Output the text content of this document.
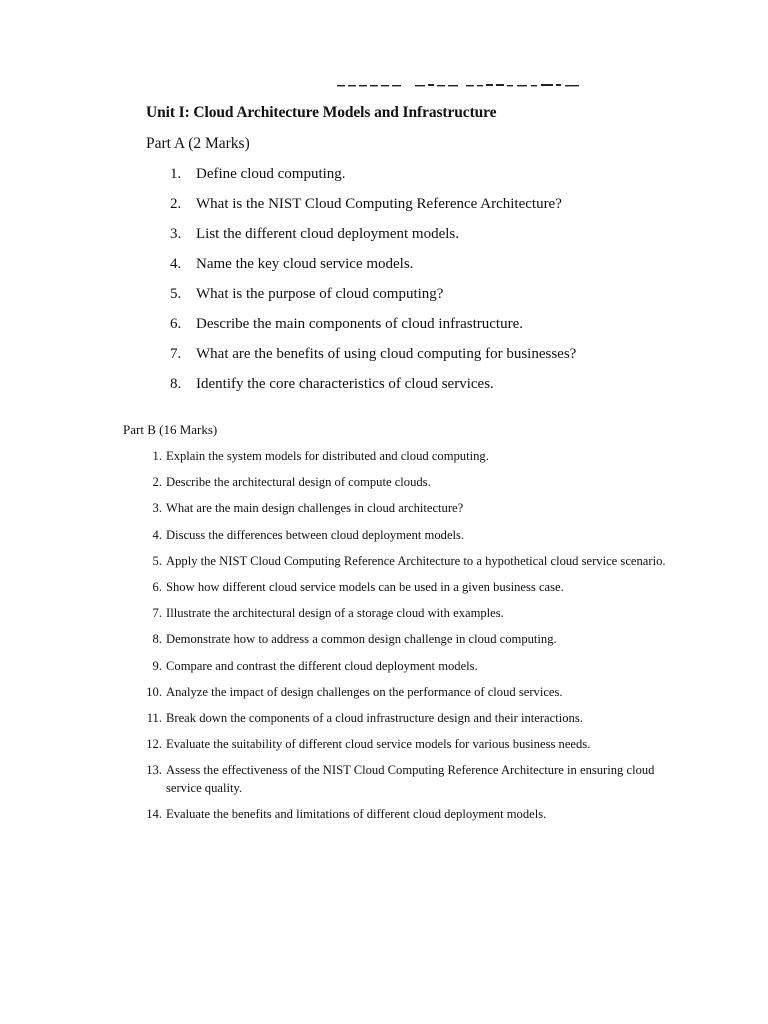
Unit I: Cloud Architecture Models and Infrastructure
Part A (2 Marks)
1. Define cloud computing.
2. What is the NIST Cloud Computing Reference Architecture?
3. List the different cloud deployment models.
4. Name the key cloud service models.
5. What is the purpose of cloud computing?
6. Describe the main components of cloud infrastructure.
7. What are the benefits of using cloud computing for businesses?
8. Identify the core characteristics of cloud services.
Part B (16 Marks)
1. Explain the system models for distributed and cloud computing.
2. Describe the architectural design of compute clouds.
3. What are the main design challenges in cloud architecture?
4. Discuss the differences between cloud deployment models.
5. Apply the NIST Cloud Computing Reference Architecture to a hypothetical cloud service scenario.
6. Show how different cloud service models can be used in a given business case.
7. Illustrate the architectural design of a storage cloud with examples.
8. Demonstrate how to address a common design challenge in cloud computing.
9. Compare and contrast the different cloud deployment models.
10. Analyze the impact of design challenges on the performance of cloud services.
11. Break down the components of a cloud infrastructure design and their interactions.
12. Evaluate the suitability of different cloud service models for various business needs.
13. Assess the effectiveness of the NIST Cloud Computing Reference Architecture in ensuring cloud service quality.
14. Evaluate the benefits and limitations of different cloud deployment models.
